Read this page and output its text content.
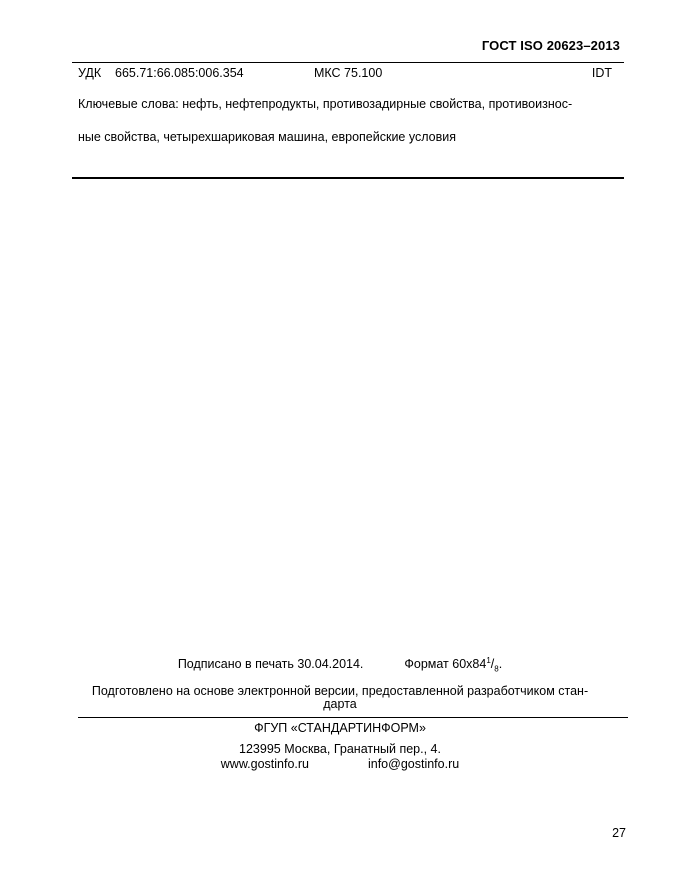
ГОСТ ISO 20623–2013
УДК    665.71:66.085:006.354	МКС 75.100	IDT
Ключевые слова: нефть, нефтепродукты, противозадирные свойства, противоизнос-
ные свойства, четырехшариковая машина, европейские условия
Подписано в печать 30.04.2014.	Формат $60х84^1/_8$.
Подготовлено на основе электронной версии, предоставленной разработчиком стан-
дарта
ФГУП «СТАНДАРТИНФОРМ»
123995 Москва, Гранатный пер., 4.
www.gostinfo.ru	info@gostinfo.ru
27
